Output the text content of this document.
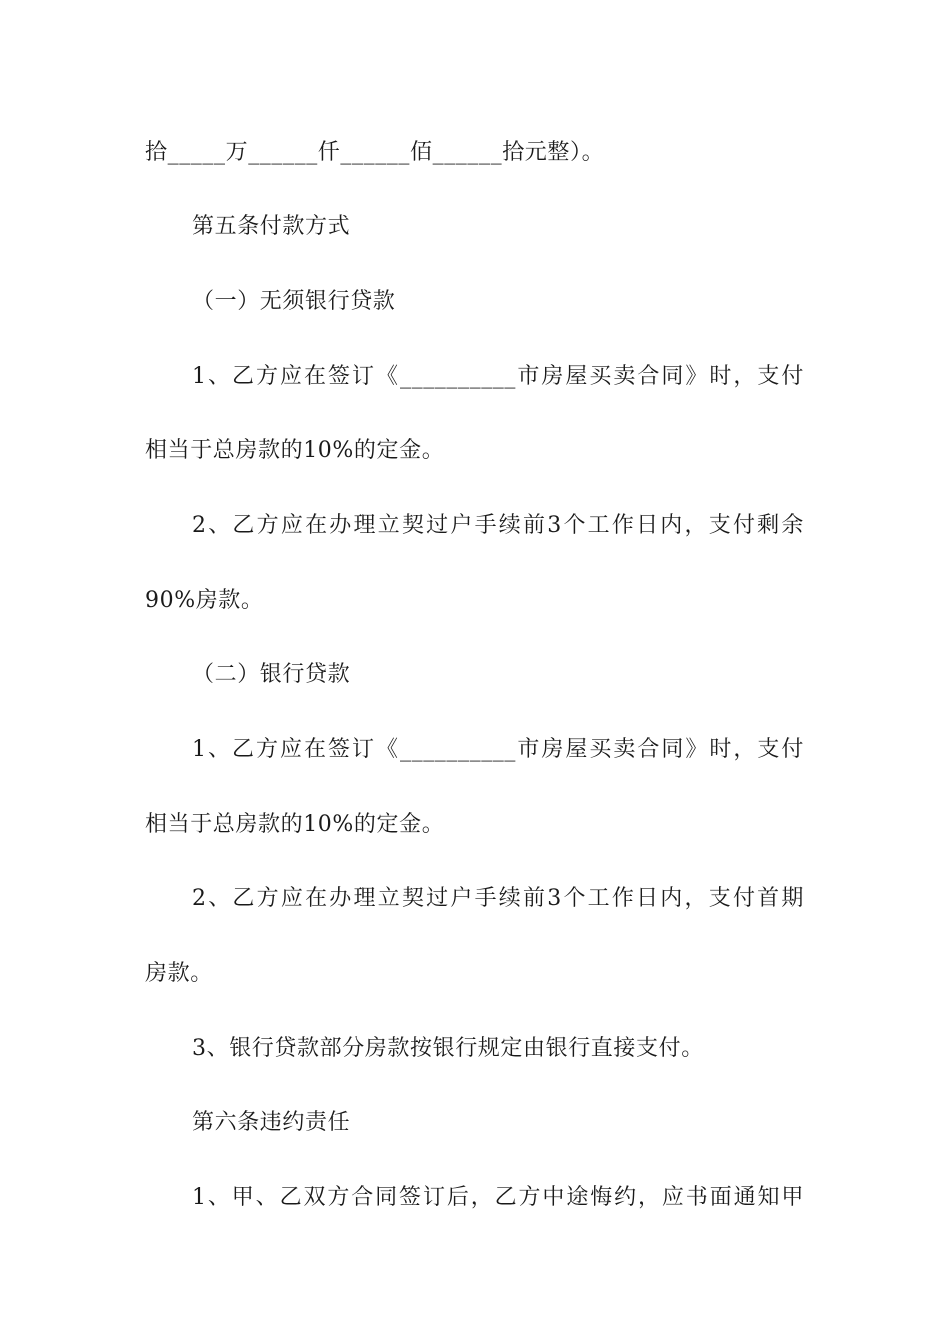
拾_____万______仟______佰______拾元整）。
第五条付款方式
（一）无须银行贷款
1、乙方应在签订《__________市房屋买卖合同》时，支付
相当于总房款的10%的定金。
2、乙方应在办理立契过户手续前3个工作日内，支付剩余
90%房款。
（二）银行贷款
1、乙方应在签订《__________市房屋买卖合同》时，支付
相当于总房款的10%的定金。
2、乙方应在办理立契过户手续前3个工作日内，支付首期
房款。
3、银行贷款部分房款按银行规定由银行直接支付。
第六条违约责任
1、甲、乙双方合同签订后，乙方中途悔约，应书面通知甲
